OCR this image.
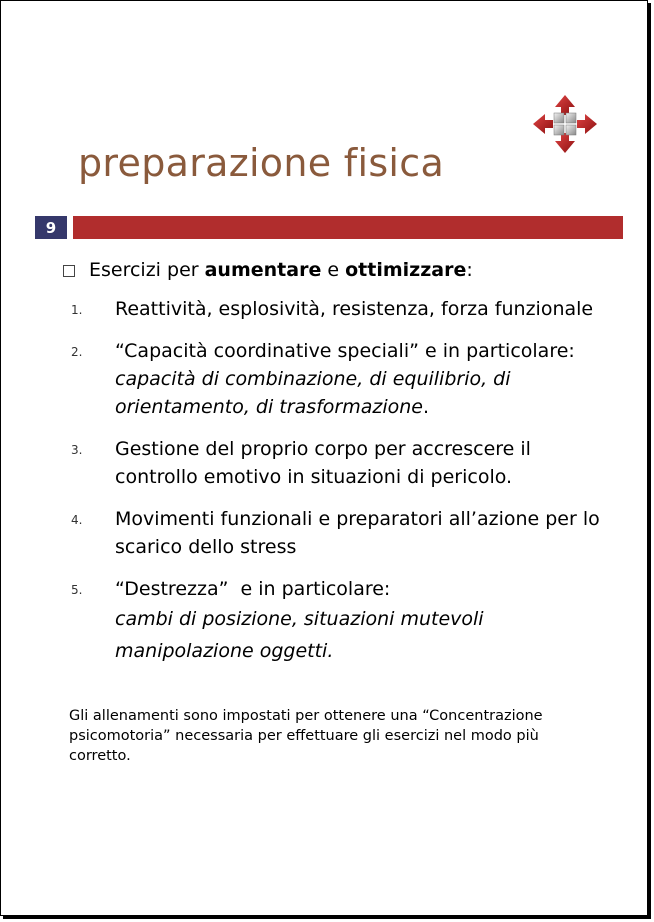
preparazione fisica
9
Esercizi per aumentare e ottimizzare:
1.	Reattività, esplosività, resistenza, forza funzionale
2.	“Capacità coordinative speciali” e in particolare: capacità di combinazione, di equilibrio, di orientamento, di trasformazione.
3.	Gestione del proprio corpo per accrescere il controllo emotivo in situazioni di pericolo.
4.	Movimenti funzionali e preparatori all’azione per lo scarico dello stress
5.	“Destrezza”  e in particolare:
cambi di posizione, situazioni mutevoli
manipolazione oggetti.
Gli allenamenti sono impostati per ottenere una “Concentrazione psicomotoria” necessaria per effettuare gli esercizi nel modo più corretto.
